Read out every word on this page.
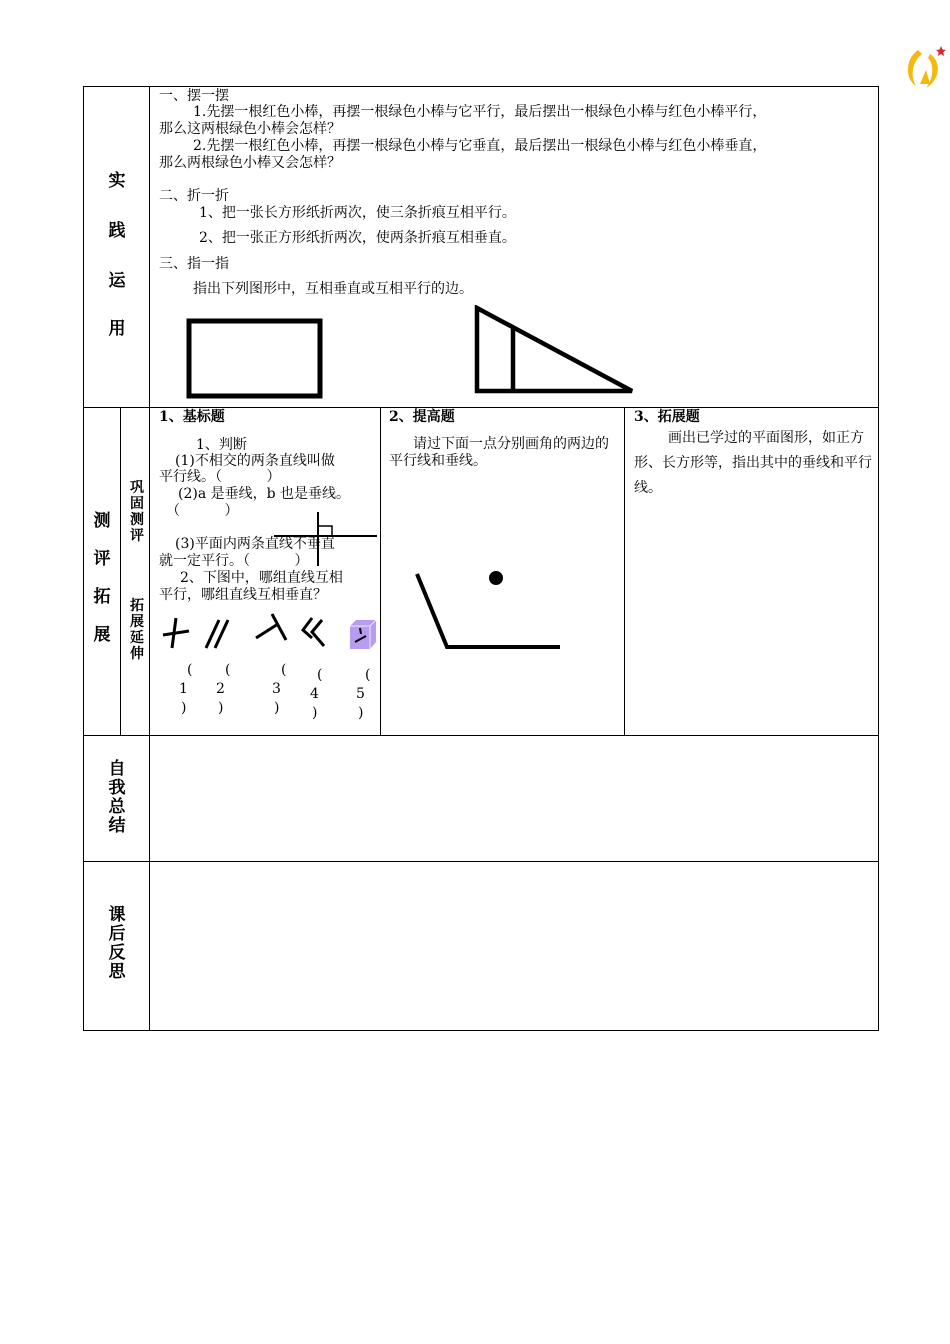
实
践
运
用
一、摆一摆
1.先摆一根红色小棒，再摆一根绿色小棒与它平行，最后摆出一根绿色小棒与红色小棒平行，
那么这两根绿色小棒会怎样？
2.先摆一根红色小棒，再摆一根绿色小棒与它垂直，最后摆出一根绿色小棒与红色小棒垂直，
那么两根绿色小棒又会怎样？
二、折一折
1、把一张长方形纸折两次，使三条折痕互相平行。
2、把一张正方形纸折两次，使两条折痕互相垂直。
三、指一指
指出下列图形中，互相垂直或互相平行的边。
测
评
拓
展
巩固测评
拓展延伸
1、基标题
1、判断
(1)不相交的两条直线叫做
平行线。（          ）
(2)a 是垂线，b 也是垂线。
（          ）
(3)平面内两条直线不垂直
就一定平行。（          ）
2、下图中，哪组直线互相
平行，哪组直线互相垂直？
(
1
)
(
2
)
(
3
)
(
4
)
(
5
)
2、提高题
请过下面一点分别画角的两边的平行线和垂线。
3、拓展题
画出已学过的平面图形，如正方形、长方形等，指出其中的垂线和平行线。
自我总结
课后反思
